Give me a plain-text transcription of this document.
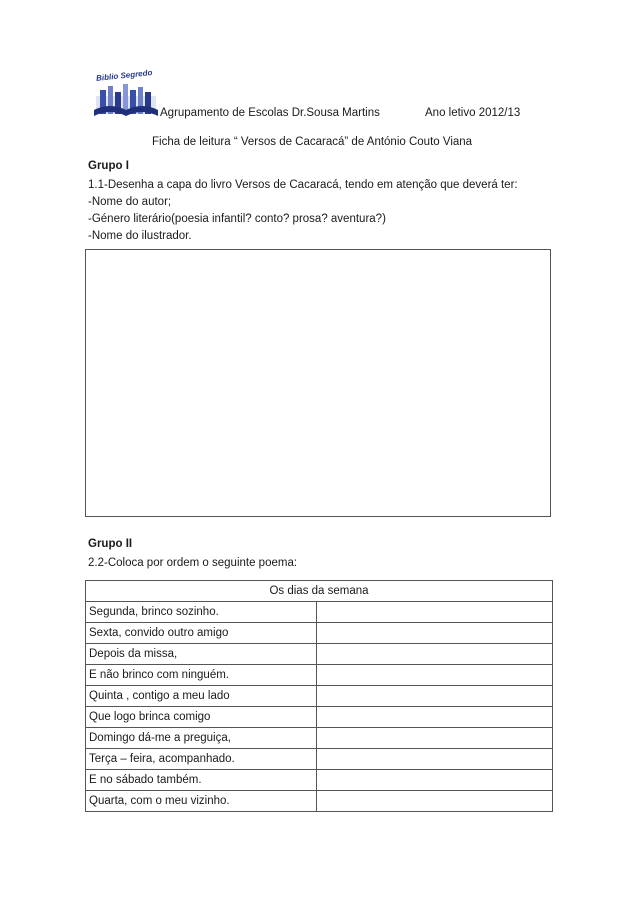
Biblio Segredo
Agrupamento de Escolas Dr.Sousa Martins	Ano letivo 2012/13
Ficha de leitura “ Versos de Cacaracá” de António Couto Viana
Grupo I
1.1-Desenha a capa do livro Versos de Cacaracá, tendo em atenção que deverá ter:
-Nome do autor;
-Género literário(poesia infantil? conto? prosa? aventura?)
-Nome do ilustrador.
Grupo II
2.2-Coloca por ordem o seguinte poema:
Os dias da semana	
Segunda, brinco sozinho.	
Sexta, convido outro amigo	
Depois da missa,	
E não brinco com ninguém.	
Quinta , contigo a meu lado	
Que logo brinca comigo	
Domingo dá-me a preguiça,	
Terça – feira, acompanhado.	
E no sábado também.	
Quarta, com o meu vizinho.	
